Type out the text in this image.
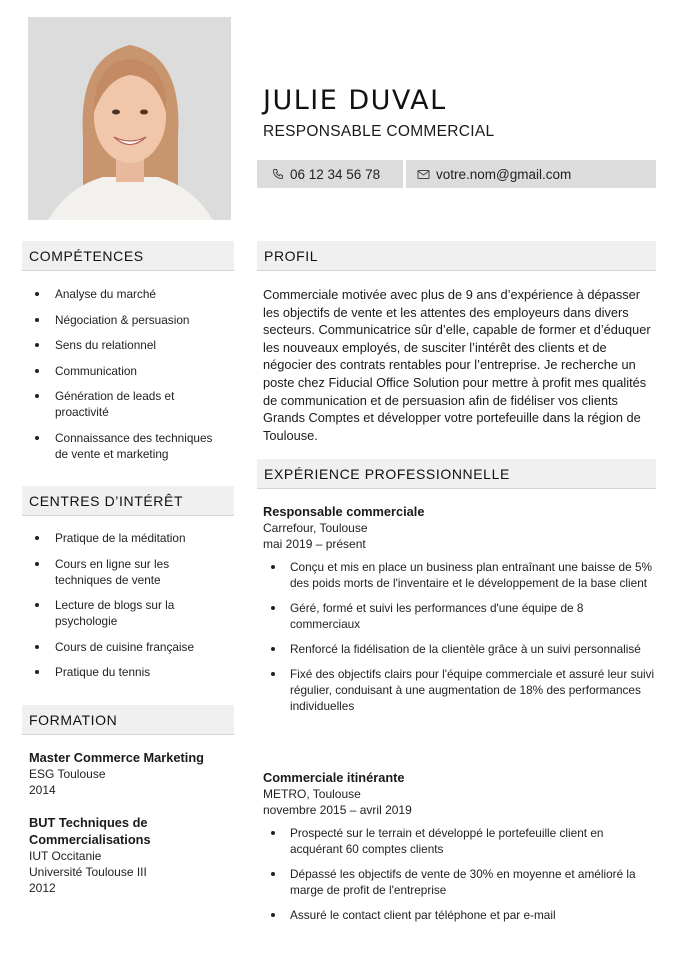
JULIE DUVAL
RESPONSABLE COMMERCIAL
06 12 34 56 78	votre.nom@gmail.com
COMPÉTENCES
Analyse du marché
Négociation & persuasion
Sens du relationnel
Communication
Génération de leads et proactivité
Connaissance des techniques de vente et marketing
CENTRES D’INTÉRÊT
Pratique de la méditation
Cours en ligne sur les techniques de vente
Lecture de blogs sur la psychologie
Cours de cuisine française
Pratique du tennis
FORMATION
Master Commerce Marketing
ESG Toulouse
2014
BUT Techniques de Commercialisations
IUT Occitanie
Université Toulouse III
2012
PROFIL

Commerciale motivée avec plus de 9 ans d’expérience à dépasser les objectifs de vente et les attentes des employeurs dans divers secteurs. Communicatrice sûr d’elle, capable de former et d’éduquer les nouveaux employés, de susciter l’intérêt des clients et de négocier des contrats rentables pour l’entreprise. Je recherche un poste chez Fiducial Office Solution pour mettre à profit mes qualités de communication et de persuasion afin de fidéliser vos clients Grands Comptes et développer votre portefeuille dans la région de Toulouse.

EXPÉRIENCE PROFESSIONNELLE
Responsable commerciale
Carrefour, Toulouse
mai 2019 – présent
Conçu et mis en place un business plan entraînant une baisse de 5% des poids morts de l'inventaire et le développement de la base client
Géré, formé et suivi les performances d'une équipe de 8 commerciaux
Renforcé la fidélisation de la clientèle grâce à un suivi personnalisé
Fixé des objectifs clairs pour l'équipe commerciale et assuré leur suivi régulier, conduisant à une augmentation de 18% des performances individuelles
Commerciale itinérante
METRO, Toulouse
novembre 2015 – avril 2019
Prospecté sur le terrain et développé le portefeuille client en acquérant 60 comptes clients
Dépassé les objectifs de vente de 30% en moyenne et amélioré la marge de profit de l'entreprise
Assuré le contact client par téléphone et par e-mail
